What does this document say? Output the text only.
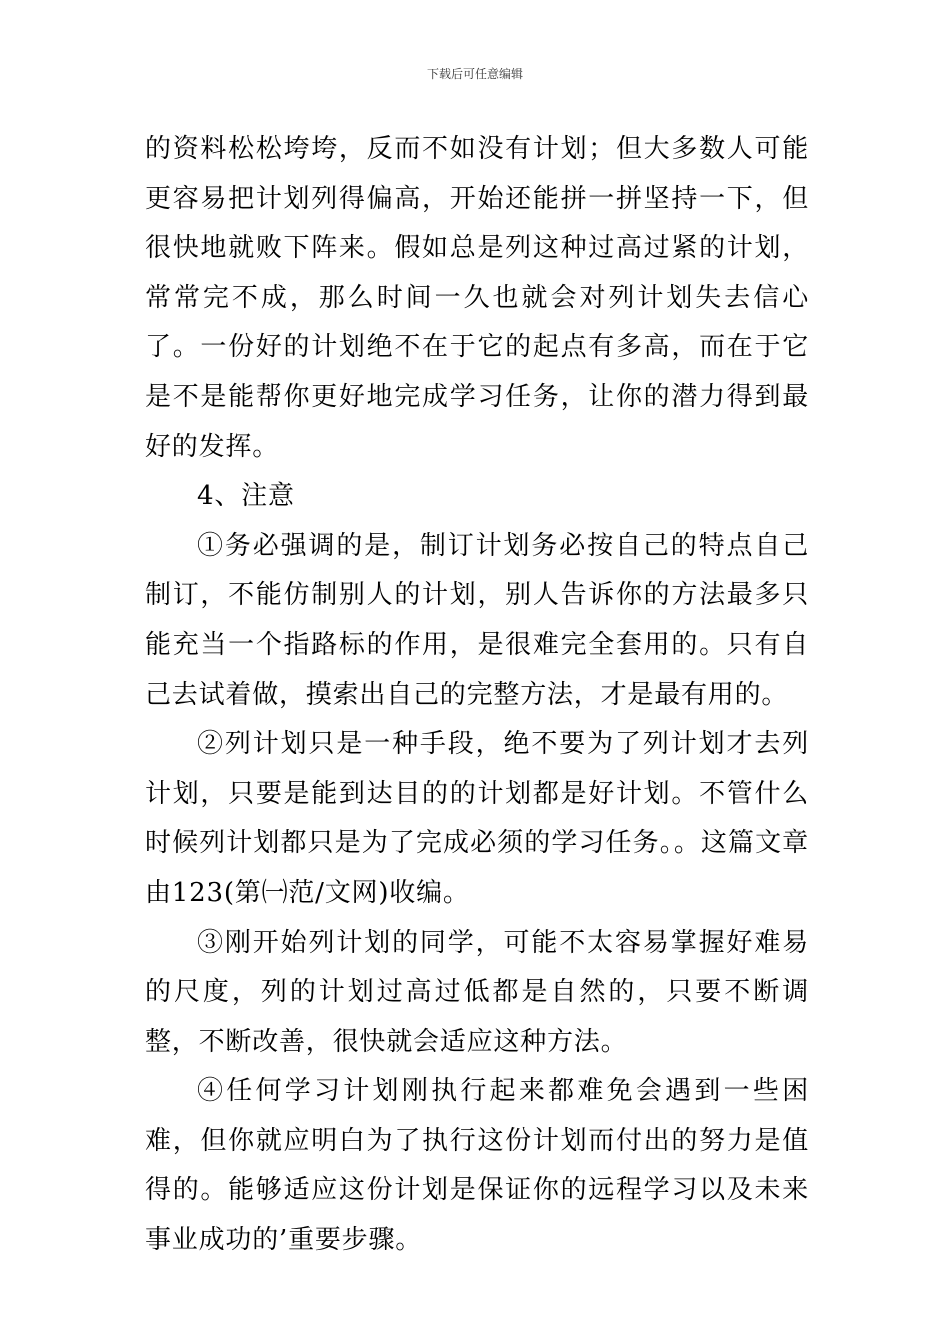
下载后可任意编辑

的资料松松垮垮，反而不如没有计划；但大多数人可能更容易把计划列得偏高，开始还能拼一拼坚持一下，但很快地就败下阵来。假如总是列这种过高过紧的计划，常常完不成，那么时间一久也就会对列计划失去信心了。一份好的计划绝不在于它的起点有多高，而在于它是不是能帮你更好地完成学习任务，让你的潜力得到最好的发挥。

4、注意

①务必强调的是，制订计划务必按自己的特点自己制订，不能仿制别人的计划，别人告诉你的方法最多只能充当一个指路标的作用，是很难完全套用的。只有自己去试着做，摸索出自己的完整方法，才是最有用的。

②列计划只是一种手段，绝不要为了列计划才去列计划，只要是能到达目的的计划都是好计划。不管什么时候列计划都只是为了完成必须的学习任务。。这篇文章由123(第㈠范/文网)收编。

③刚开始列计划的同学，可能不太容易掌握好难易的尺度，列的计划过高过低都是自然的，只要不断调整，不断改善，很快就会适应这种方法。

④任何学习计划刚执行起来都难免会遇到一些困难，但你就应明白为了执行这份计划而付出的努力是值得的。能够适应这份计划是保证你的远程学习以及未来事业成功的’重要步骤。
